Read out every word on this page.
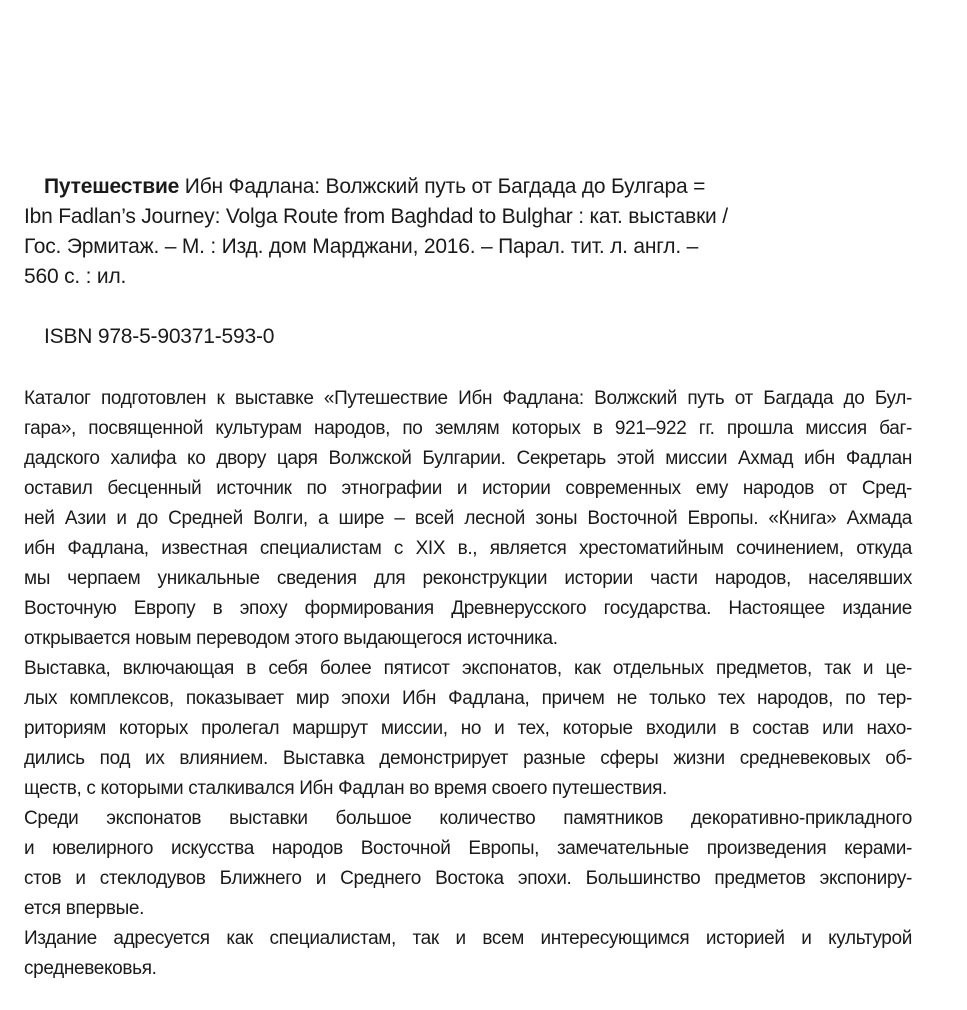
Путешествие Ибн Фадлана: Волжский путь от Багдада до Булгара =
Ibn Fadlan’s Journey: Volga Route from Baghdad to Bulghar : кат. выставки /
Гос. Эрмитаж. – М. : Изд. дом Марджани, 2016. – Парал. тит. л. англ. –
560 с. : ил.
ISBN 978-5-90371-593-0
Каталог подготовлен к выставке «Путешествие Ибн Фадлана: Волжский путь от Багдада до Бул-
гара», посвященной культурам народов, по землям которых в 921–922 гг. прошла миссия баг-
дадского халифа ко двору царя Волжской Булгарии. Секретарь этой миссии Ахмад ибн Фадлан
оставил бесценный источник по этнографии и истории современных ему народов от Сред-
ней Азии и до Средней Волги, а шире – всей лесной зоны Восточной Европы. «Книга» Ахмада
ибн Фадлана, известная специалистам с XIX в., является хрестоматийным сочинением, откуда
мы черпаем уникальные сведения для реконструкции истории части народов, населявших
Восточную Европу в эпоху формирования Древнерусского государства. Настоящее издание
открывается новым переводом этого выдающегося источника.
Выставка, включающая в себя более пятисот экспонатов, как отдельных предметов, так и це-
лых комплексов, показывает мир эпохи Ибн Фадлана, причем не только тех народов, по тер-
риториям которых пролегал маршрут миссии, но и тех, которые входили в состав или нахо-
дились под их влиянием. Выставка демонстрирует разные сферы жизни средневековых об-
ществ, с которыми сталкивался Ибн Фадлан во время своего путешествия.
Среди экспонатов выставки большое количество памятников декоративно-прикладного
и ювелирного искусства народов Восточной Европы, замечательные произведения керами-
стов и стеклодувов Ближнего и Среднего Востока эпохи. Большинство предметов экспониру-
ется впервые.
Издание адресуется как специалистам, так и всем интересующимся историей и культурой
средневековья.
